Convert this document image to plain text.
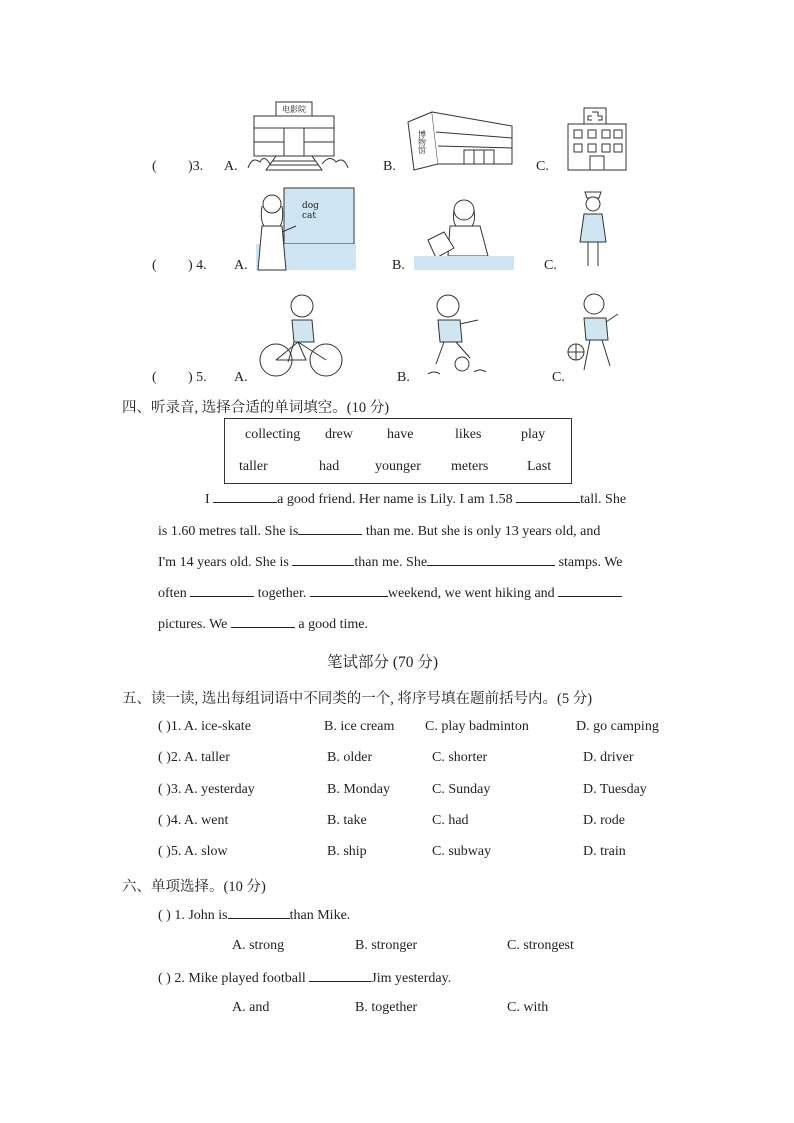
( )3. A.
电影院
B.
博物馆
C.
( ) 4. A.
dog
cat
B.	C.
( ) 5. A.	B.	C.
四、听录音, 选择合适的单词填空。(10 分)
collecting drew have	likes	play
taller	had	younger meters	Last
I	a good friend. Her name is Lily. I am 1.58	tall. She
is 1.60 metres tall. She is	than me. But she is only 13 years old, and
I'm 14 years old. She is	than me. She	stamps. We
often	together.	weekend, we went hiking and
pictures. We	a good time.
笔试部分 (70 分)
五、读一读, 选出每组词语中不同类的一个, 将序号填在题前括号内。(5 分)
( )1. A. ice-skate	B. ice cream C. play badminton	D. go camping
( )2. A. taller	B. older	C. shorter	D. driver
( )3. A. yesterday	B. Monday	C. Sunday	D. Tuesday
( )4. A. went	B. take	C. had	D. rode
( )5. A. slow	B. ship	C. subway	D. train
六、单项选择。(10 分)
( ) 1. John is	than Mike.
A. strong	B. stronger	C. strongest
( ) 2. Mike played football	Jim yesterday.
A. and	B. together	C. with
